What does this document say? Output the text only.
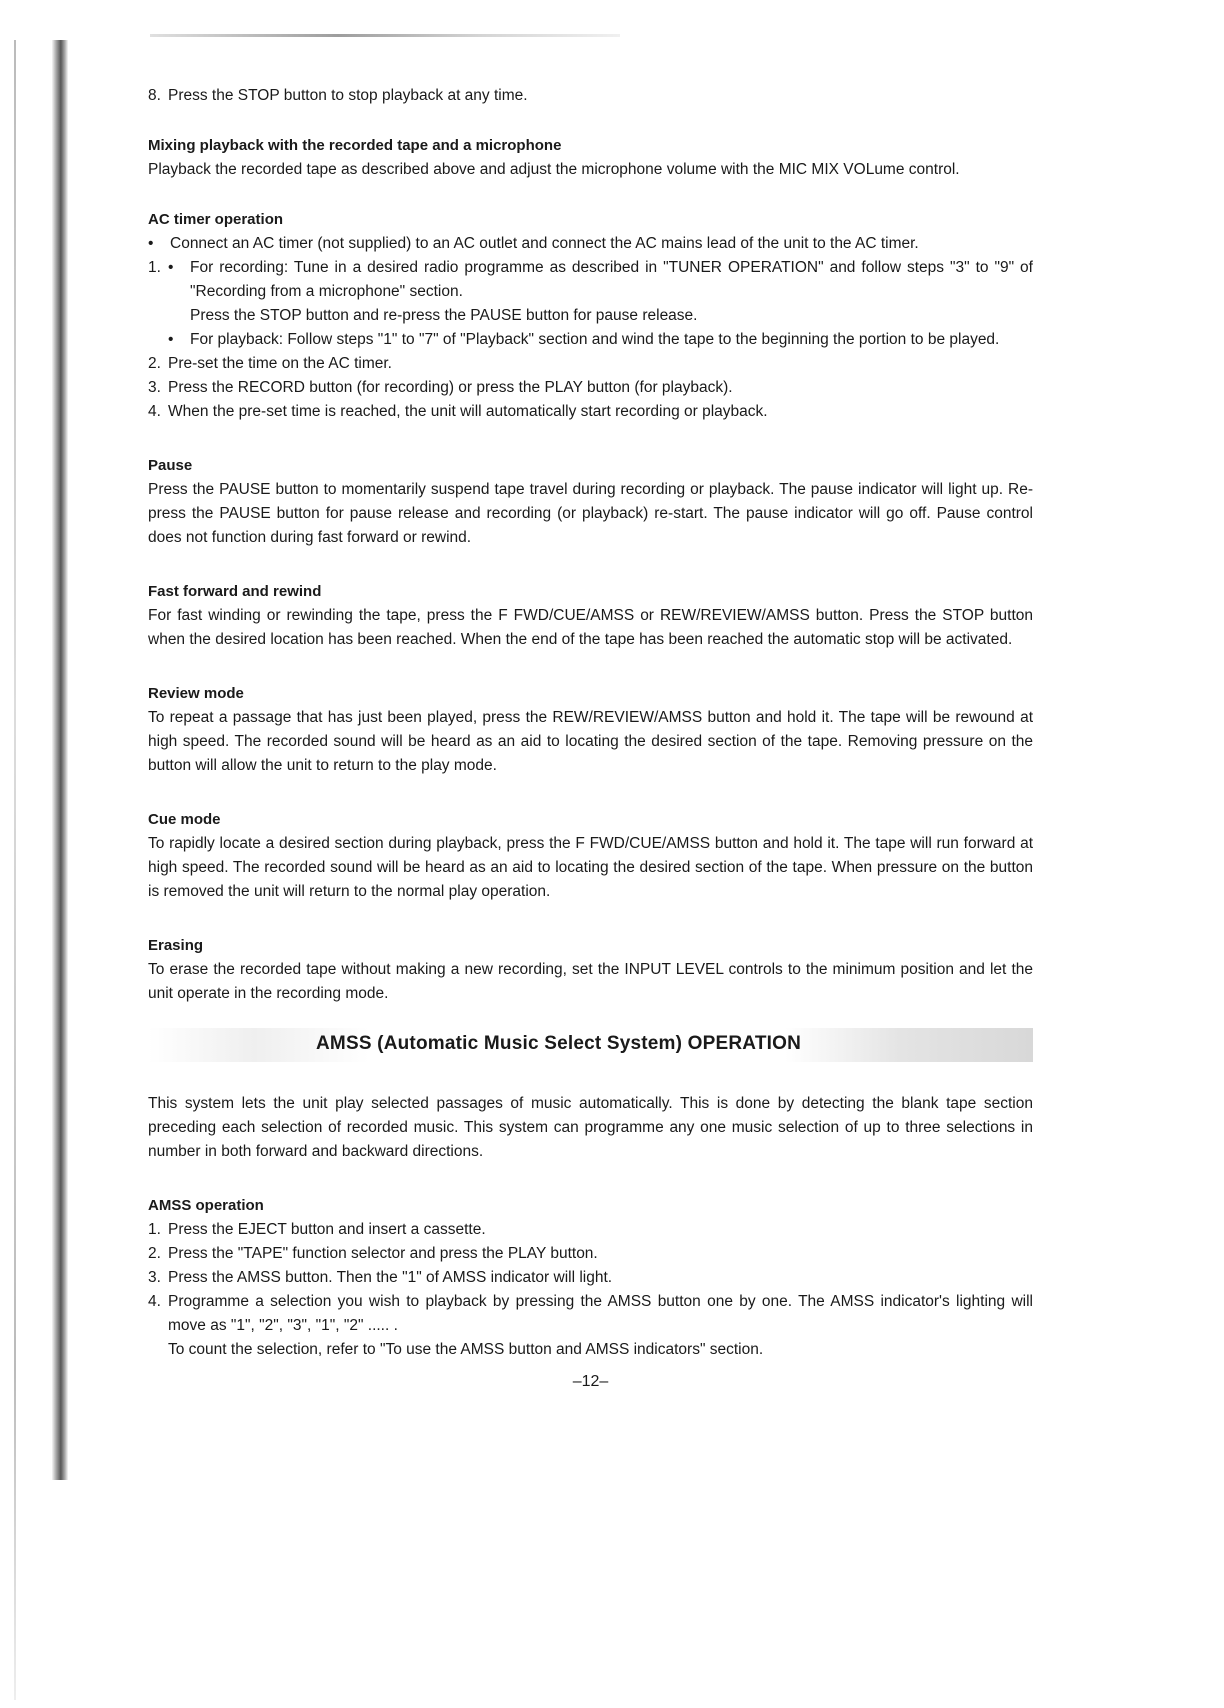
8. Press the STOP button to stop playback at any time.
Mixing playback with the recorded tape and a microphone
Playback the recorded tape as described above and adjust the microphone volume with the MIC MIX VOLume control.
AC timer operation
•	Connect an AC timer (not supplied) to an AC outlet and connect the AC mains lead of the unit to the AC timer.
1. •	For recording: Tune in a desired radio programme as described in "TUNER OPERATION" and follow steps "3" to "9" of "Recording from a microphone" section.
Press the STOP button and re-press the PAUSE button for pause release.
•	For playback: Follow steps "1" to "7" of "Playback" section and wind the tape to the beginning the portion to be played.
2. Pre-set the time on the AC timer.
3. Press the RECORD button (for recording) or press the PLAY button (for playback).
4. When the pre-set time is reached, the unit will automatically start recording or playback.
Pause
Press the PAUSE button to momentarily suspend tape travel during recording or playback. The pause indicator will light up. Re-press the PAUSE button for pause release and recording (or playback) re-start. The pause indicator will go off. Pause control does not function during fast forward or rewind.
Fast forward and rewind
For fast winding or rewinding the tape, press the F FWD/CUE/AMSS or REW/REVIEW/AMSS button. Press the STOP button when the desired location has been reached. When the end of the tape has been reached the automatic stop will be activated.
Review mode
To repeat a passage that has just been played, press the REW/REVIEW/AMSS button and hold it. The tape will be rewound at high speed. The recorded sound will be heard as an aid to locating the desired section of the tape. Removing pressure on the button will allow the unit to return to the play mode.
Cue mode
To rapidly locate a desired section during playback, press the F FWD/CUE/AMSS button and hold it. The tape will run forward at high speed. The recorded sound will be heard as an aid to locating the desired section of the tape. When pressure on the button is removed the unit will return to the normal play operation.
Erasing
To erase the recorded tape without making a new recording, set the INPUT LEVEL controls to the minimum position and let the unit operate in the recording mode.
AMSS (Automatic Music Select System) OPERATION
This system lets the unit play selected passages of music automatically. This is done by detecting the blank tape section preceding each selection of recorded music. This system can programme any one music selection of up to three selections in number in both forward and backward directions.
AMSS operation
1. Press the EJECT button and insert a cassette.
2. Press the "TAPE" function selector and press the PLAY button.
3. Press the AMSS button. Then the "1" of AMSS indicator will light.
4. Programme a selection you wish to playback by pressing the AMSS button one by one. The AMSS indicator's lighting will move as "1", "2", "3", "1", "2" ..... .
To count the selection, refer to "To use the AMSS button and AMSS indicators" section.
–12–
